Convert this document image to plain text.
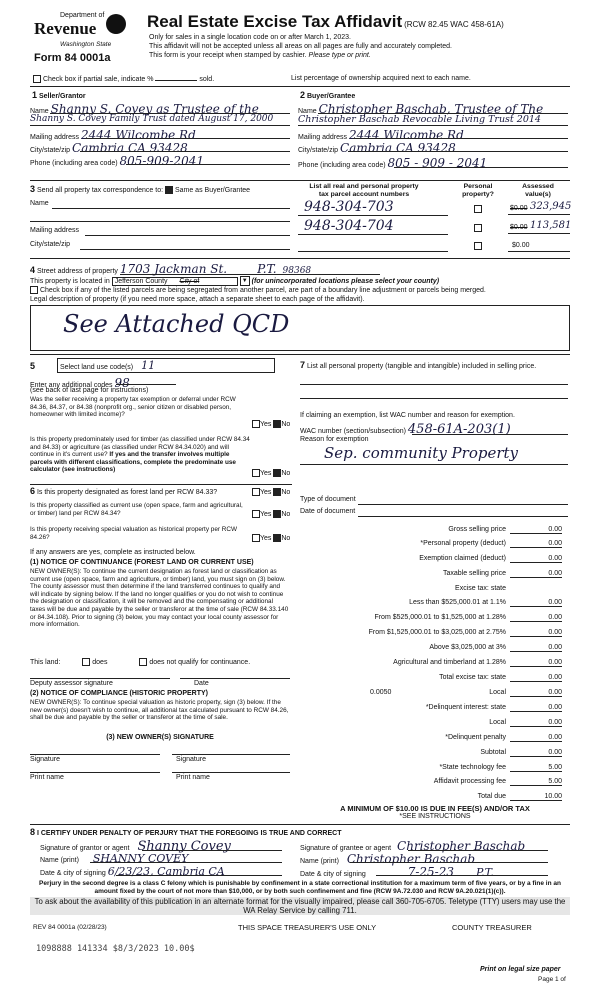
Department of
Revenue
Washington State
Form 84 0001a
Real Estate Excise Tax Affidavit (RCW 82.45 WAC 458-61A)
Only for sales in a single location code on or after March 1, 2023.
This affidavit will not be accepted unless all areas on all pages are fully and accurately completed.
This form is your receipt when stamped by cashier. Please type or print.
Check box if partial sale, indicate %	sold.	List percentage of ownership acquired next to each name.
1 Seller/Grantor
Name Shanny S. Covey as Trustee of the
Shanny S. Covey Family Trust dated August 17, 2000
Mailing address 2444 Wilcombe Rd
City/state/zip Cambria CA 93428
Phone (including area code) 805-909-2041
2 Buyer/Grantee
Name Christopher Baschab, Trustee of The
Christopher Baschab Revocable Living Trust 2014
Mailing address 2444 Wilcombe Rd
City/state/zip Cambria CA 93428
Phone (including area code) 805 - 909 - 2041
3 Send all property tax correspondence to: Same as Buyer/Grantee
Name
Mailing address
City/state/zip
List all real and personal property tax parcel account numbers
Personal property?
Assessed value(s)
948-304-703	$0.00 323,945
948-304-704	$0.00 113,581
$0.00
4 Street address of property 1703 Jackman St. P.T. 98368
This property is located in Jefferson County City of	▼ (for unincorporated locations please select your county)
Check box if any of the listed parcels are being segregated from another parcel, are part of a boundary line adjustment or parcels being merged.
Legal description of property (if you need more space, attach a separate sheet to each page of the affidavit).
See Attached QCD
5	Select land use code(s) 11
Enter any additional codes 98
(see back of last page for instructions)
Was the seller receiving a property tax exemption or deferral under RCW 84.36, 84.37, or 84.38 (nonprofit org., senior citizen or disabled person, homeowner with limited income)?
Yes No
Is this property predominately used for timber (as classified under RCW 84.34 and 84.33) or agriculture (as classified under RCW 84.34.020) and will continue in it's current use? If yes and the transfer involves multiple parcels with different classifications, complete the predominate use calculator (see instructions)	Yes No
7 List all personal property (tangible and intangible) included in selling price.
If claiming an exemption, list WAC number and reason for exemption.
WAC number (section/subsection) 458-61A-203(1)
Reason for exemption
Sep. community Property
Type of document
Date of document
6 Is this property designated as forest land per RCW 84.33?	Yes No
Is this property classified as current use (open space, farm and agricultural, or timber) land per RCW 84.34?	Yes No
Is this property receiving special valuation as historical property per RCW 84.26?	Yes No
If any answers are yes, complete as instructed below.
(1) NOTICE OF CONTINUANCE (FOREST LAND OR CURRENT USE)
NEW OWNER(S): To continue the current designation as forest land or classification as current use (open space, farm and agriculture, or timber) land, you must sign on (3) below. The county assessor must then determine if the land transferred continues to qualify and will indicate by signing below. If the land no longer qualifies or you do not wish to continue the designation or classification, it will be removed and the compensating or additional taxes will be due and payable by the seller or transferor at the time of sale (RCW 84.33.140 or 84.34.108). Prior to signing (3) below, you may contact your local county assessor for more information.
This land:	does	does not qualify for continuance.
Deputy assessor signature	Date
(2) NOTICE OF COMPLIANCE (HISTORIC PROPERTY)
NEW OWNER(S): To continue special valuation as historic property, sign (3) below. If the new owner(s) doesn't wish to continue, all additional tax calculated pursuant to RCW 84.26, shall be due and payable by the seller or transferor at the time of sale.
(3) NEW OWNER(S) SIGNATURE
Signature	Signature
Print name	Print name
Gross selling price	0.00
*Personal property (deduct)	0.00
Exemption claimed (deduct)	0.00
Taxable selling price	0.00
Excise tax: state
Less than $525,000.01 at 1.1%	0.00
From $525,000.01 to $1,525,000 at 1.28%	0.00
From $1,525,000.01 to $3,025,000 at 2.75%	0.00
Above $3,025,000 at 3%	0.00
Agricultural and timberland at 1.28%	0.00
Total excise tax: state	0.00
0.0050	Local	0.00
*Delinquent interest: state	0.00
Local	0.00
*Delinquent penalty	0.00
Subtotal	0.00
*State technology fee	5.00
Affidavit processing fee	5.00
Total due	10.00
A MINIMUM OF $10.00 IS DUE IN FEE(S) AND/OR TAX
*SEE INSTRUCTIONS
8 I CERTIFY UNDER PENALTY OF PERJURY THAT THE FOREGOING IS TRUE AND CORRECT
Signature of grantor or agent Shanny Covey
Name (print) SHANNY COVEY
Date & city of signing 6/23/23, Cambria CA
Signature of grantee or agent Christopher Baschab
Name (print) Christopher Baschab
Date & city of signing	7-25-23 P.T.
Perjury in the second degree is a class C felony which is punishable by confinement in a state correctional institution for a maximum term of five years, or by a fine in an amount fixed by the court of not more than $10,000, or by both such confinement and fine (RCW 9A.72.030 and RCW 9A.20.021(1)(c)).
To ask about the availability of this publication in an alternate format for the visually impaired, please call 360-705-6705. Teletype (TTY) users may use the WA Relay Service by calling 711.
REV 84 0001a (02/28/23)	THIS SPACE TREASURER'S USE ONLY	COUNTY TREASURER
1098888 141334 $8/3/2023 10.00$
Print on legal size paper
Page 1 of
